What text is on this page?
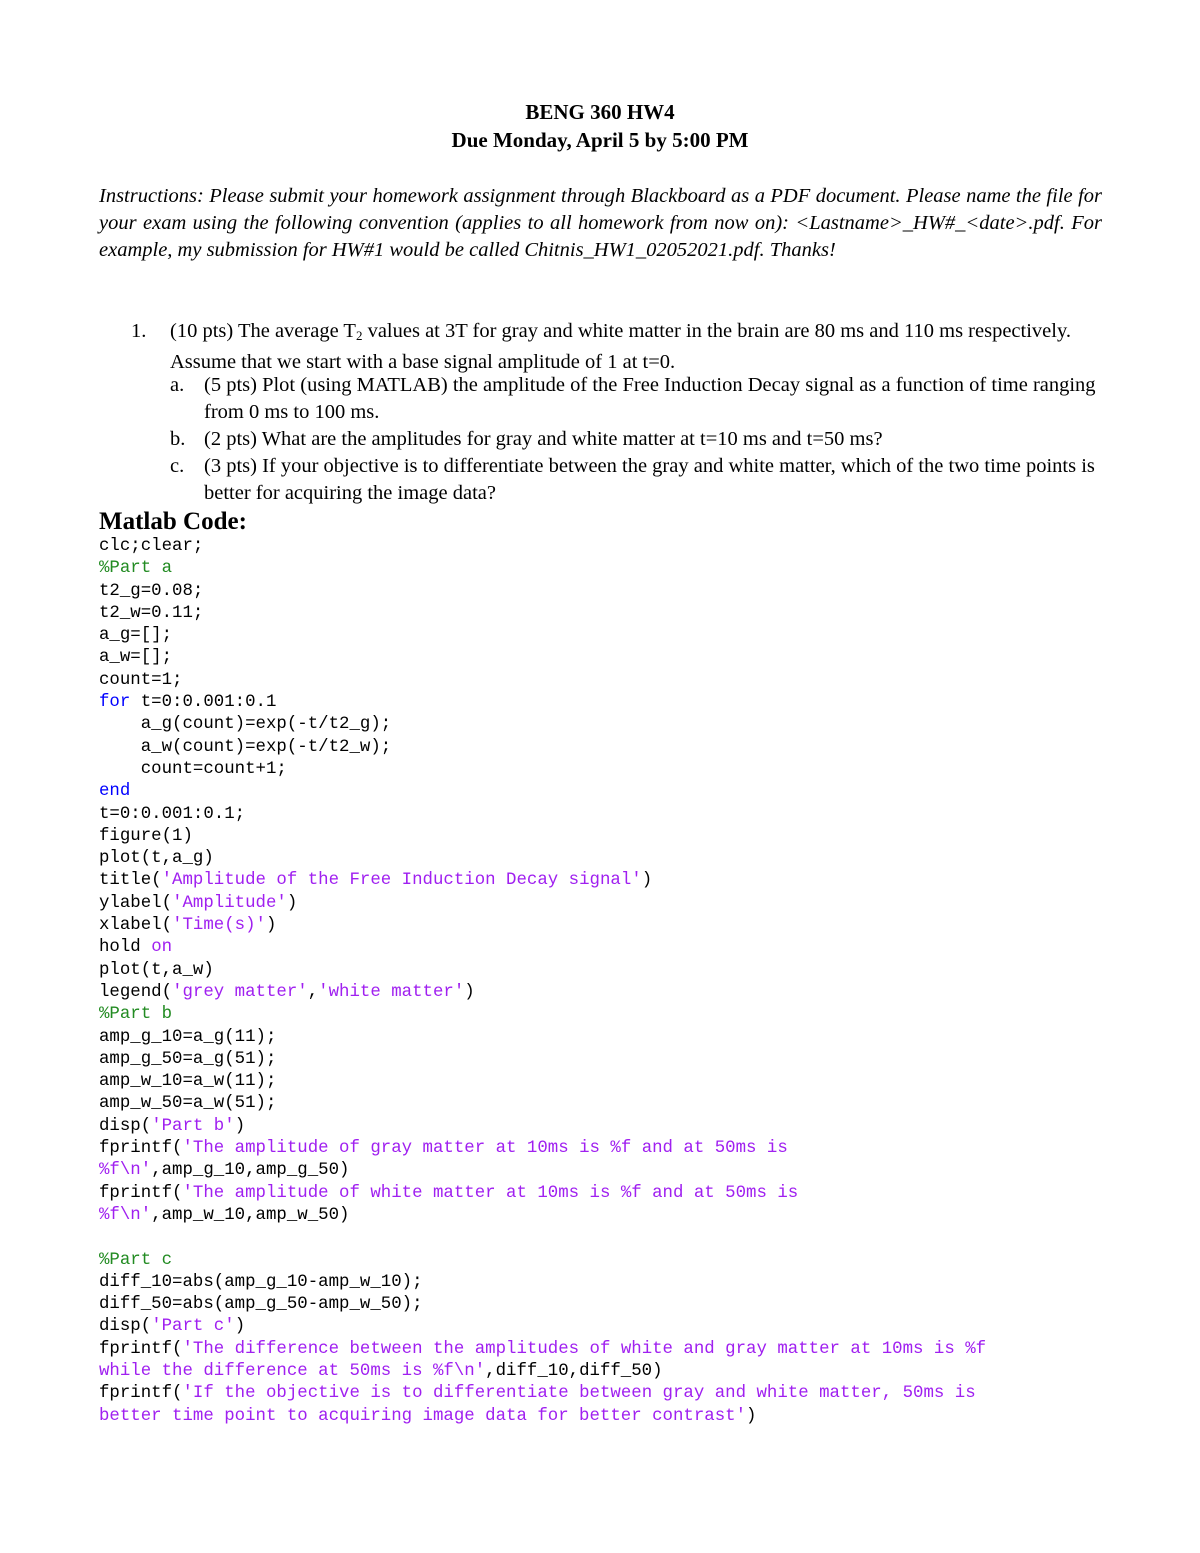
BENG 360 HW4
Due Monday, April 5 by 5:00 PM
Instructions: Please submit your homework assignment through Blackboard as a PDF document. Please name the file for your exam using the following convention (applies to all homework from now on): <Lastname>_HW#_<date>.pdf. For example, my submission for HW#1 would be called Chitnis_HW1_02052021.pdf. Thanks!
1. (10 pts) The average $T_2$ values at 3T for gray and white matter in the brain are 80 ms and 110 ms respectively. Assume that we start with a base signal amplitude of 1 at t=0.
a. (5 pts) Plot (using MATLAB) the amplitude of the Free Induction Decay signal as a function of time ranging from 0 ms to 100 ms.
b. (2 pts) What are the amplitudes for gray and white matter at t=10 ms and t=50 ms?
c. (3 pts) If your objective is to differentiate between the gray and white matter, which of the two time points is better for acquiring the image data?
Matlab Code:
clc;clear;
%Part a
t2_g=0.08;
t2_w=0.11;
a_g=[];
a_w=[];
count=1;
for t=0:0.001:0.1
a_g(count)=exp(-t/t2_g);
a_w(count)=exp(-t/t2_w);
count=count+1;
end
t=0:0.001:0.1;
figure(1)
plot(t,a_g)
title('Amplitude of the Free Induction Decay signal')
ylabel('Amplitude')
xlabel('Time(s)')
hold on
plot(t,a_w)
legend('grey matter','white matter')
%Part b
amp_g_10=a_g(11);
amp_g_50=a_g(51);
amp_w_10=a_w(11);
amp_w_50=a_w(51);
disp('Part b')
fprintf('The amplitude of gray matter at 10ms is %f and at 50ms is
%f\n',amp_g_10,amp_g_50)
fprintf('The amplitude of white matter at 10ms is %f and at 50ms is
%f\n',amp_w_10,amp_w_50)
%Part c
diff_10=abs(amp_g_10-amp_w_10);
diff_50=abs(amp_g_50-amp_w_50);
disp('Part c')
fprintf('The difference between the amplitudes of white and gray matter at 10ms is %f
while the difference at 50ms is %f\n',diff_10,diff_50)
fprintf('If the objective is to differentiate between gray and white matter, 50ms is
better time point to acquiring image data for better contrast')
